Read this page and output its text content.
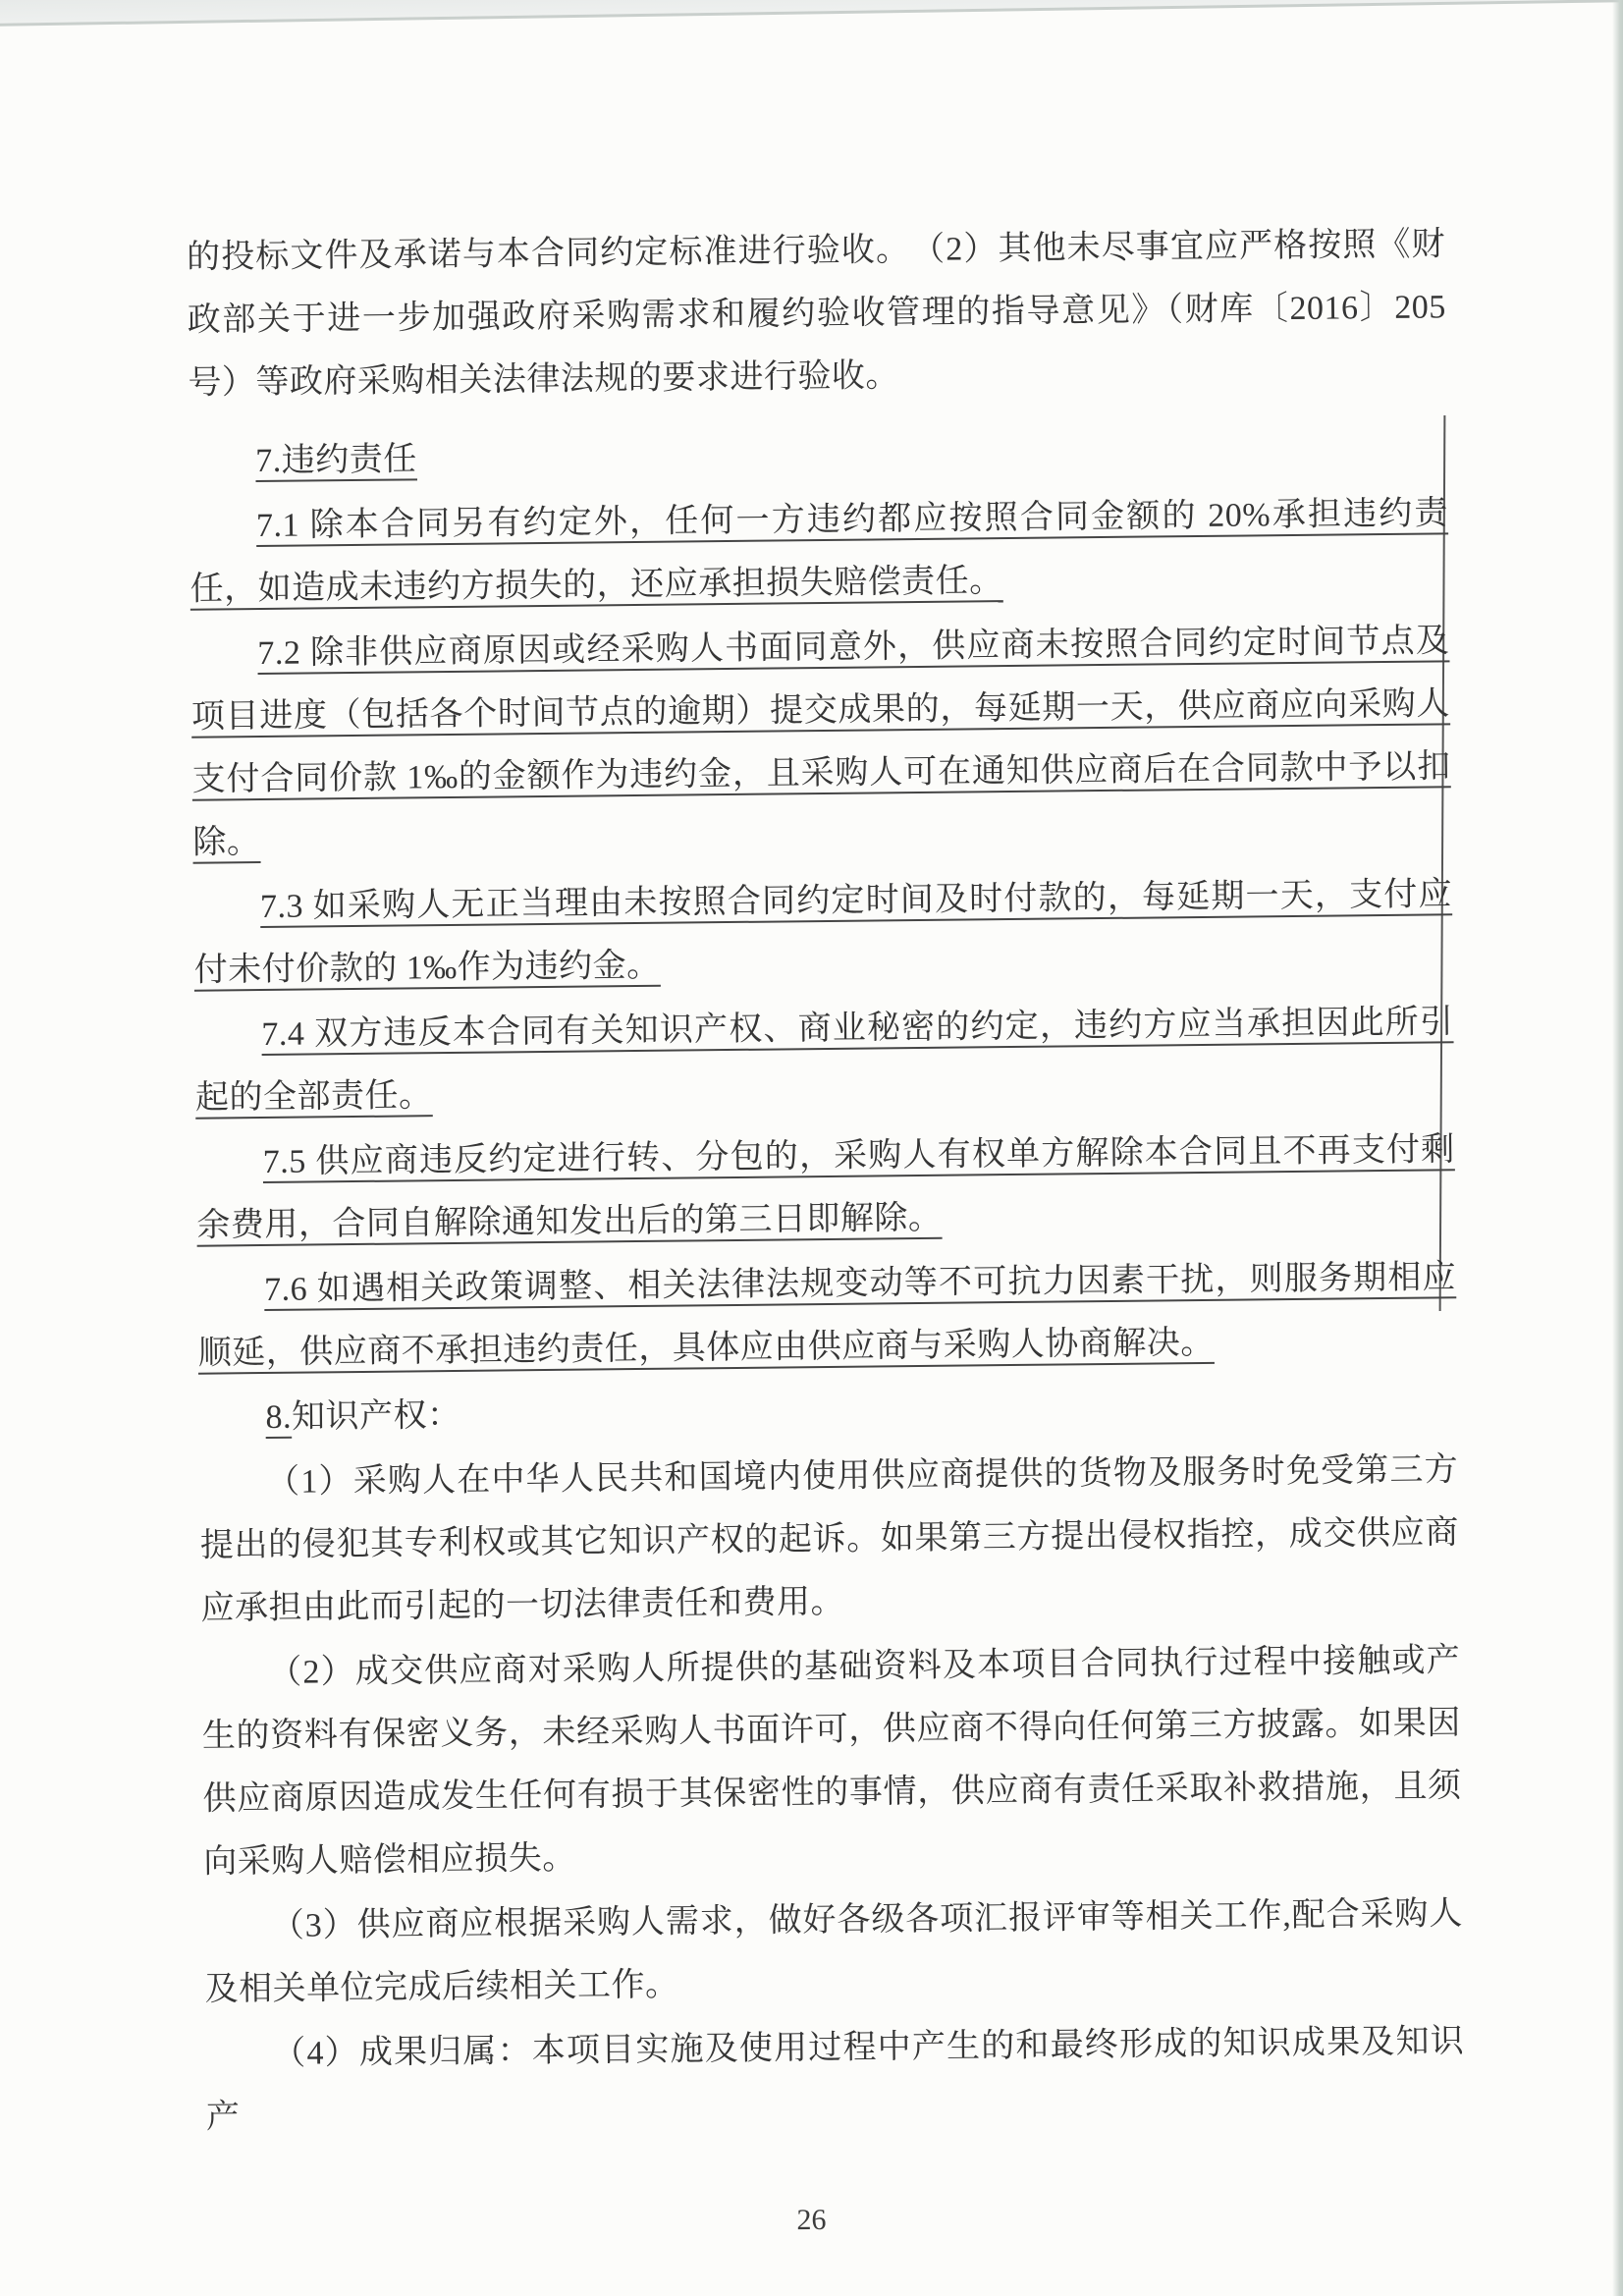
的投标文件及承诺与本合同约定标准进行验收。　（2）其他未尽事宜应严格按照《财政部关于进一步加强政府采购需求和履约验收管理的指导意见》（财库〔2016〕205 号）等政府采购相关法律法规的要求进行验收。

7.违约责任

7.1 除本合同另有约定外，任何一方违约都应按照合同金额的 20%承担违约责任，如造成未违约方损失的，还应承担损失赔偿责任。

7.2 除非供应商原因或经采购人书面同意外，供应商未按照合同约定时间节点及项目进度（包括各个时间节点的逾期）提交成果的，每延期一天，供应商应向采购人支付合同价款 1‰的金额作为违约金，且采购人可在通知供应商后在合同款中予以扣除。

7.3 如采购人无正当理由未按照合同约定时间及时付款的，每延期一天，支付应付未付价款的 1‰作为违约金。

7.4 双方违反本合同有关知识产权、商业秘密的约定，违约方应当承担因此所引起的全部责任。

7.5 供应商违反约定进行转、分包的，采购人有权单方解除本合同且不再支付剩余费用，合同自解除通知发出后的第三日即解除。

7.6 如遇相关政策调整、相关法律法规变动等不可抗力因素干扰，则服务期相应顺延，供应商不承担违约责任，具体应由供应商与采购人协商解决。

8.知识产权：

（1）采购人在中华人民共和国境内使用供应商提供的货物及服务时免受第三方提出的侵犯其专利权或其它知识产权的起诉。如果第三方提出侵权指控，成交供应商应承担由此而引起的一切法律责任和费用。

（2）成交供应商对采购人所提供的基础资料及本项目合同执行过程中接触或产生的资料有保密义务，未经采购人书面许可，供应商不得向任何第三方披露。如果因供应商原因造成发生任何有损于其保密性的事情，供应商有责任采取补救措施，且须向采购人赔偿相应损失。

（3）供应商应根据采购人需求，做好各级各项汇报评审等相关工作,配合采购人及相关单位完成后续相关工作。

（4）成果归属：本项目实施及使用过程中产生的和最终形成的知识成果及知识产

26
